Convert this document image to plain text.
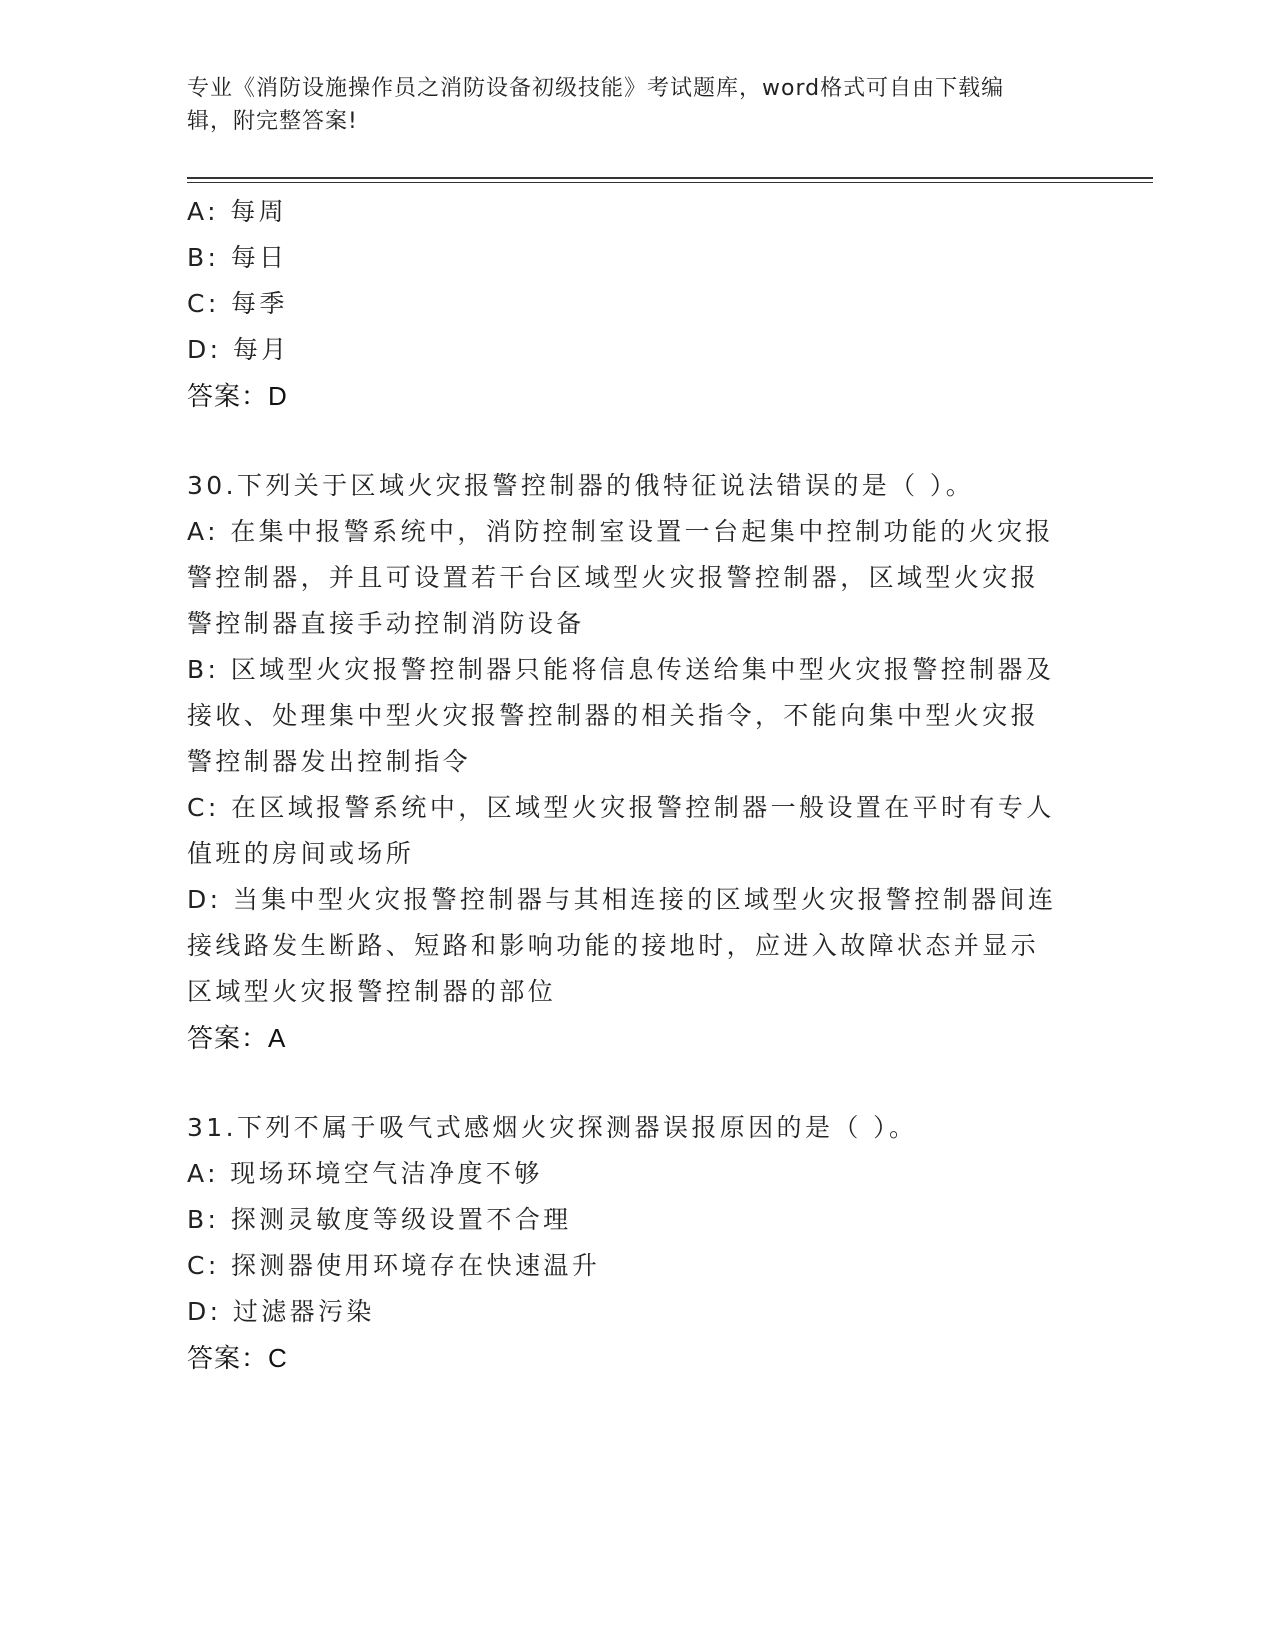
专业《消防设施操作员之消防设备初级技能》考试题库，word格式可自由下载编
辑，附完整答案!
A: 每周
B: 每日
C: 每季
D: 每月
答案：D
30.下列关于区域火灾报警控制器的俄特征说法错误的是（ ）。
A: 在集中报警系统中，消防控制室设置一台起集中控制功能的火灾报
警控制器，并且可设置若干台区域型火灾报警控制器，区域型火灾报
警控制器直接手动控制消防设备
B: 区域型火灾报警控制器只能将信息传送给集中型火灾报警控制器及
接收、处理集中型火灾报警控制器的相关指令，不能向集中型火灾报
警控制器发出控制指令
C: 在区域报警系统中，区域型火灾报警控制器一般设置在平时有专人
值班的房间或场所
D: 当集中型火灾报警控制器与其相连接的区域型火灾报警控制器间连
接线路发生断路、短路和影响功能的接地时，应进入故障状态并显示
区域型火灾报警控制器的部位
答案：A
31.下列不属于吸气式感烟火灾探测器误报原因的是（ ）。
A: 现场环境空气洁净度不够
B: 探测灵敏度等级设置不合理
C: 探测器使用环境存在快速温升
D: 过滤器污染
答案：C
